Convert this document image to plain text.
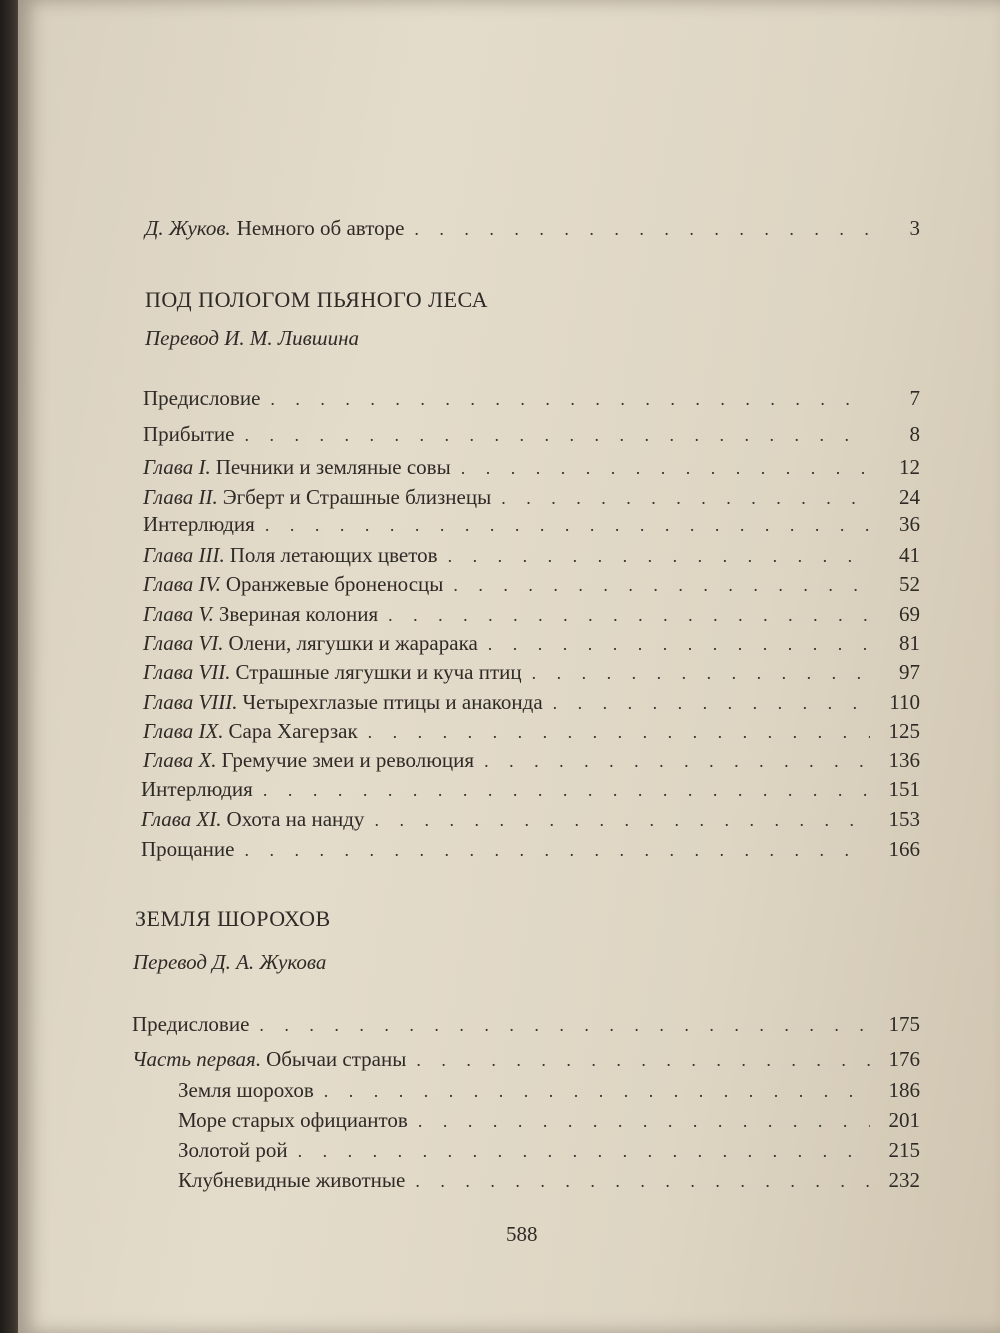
Д. Жуков. Немного об авторе . . .	3
ПОД ПОЛОГОМ ПЬЯНОГО ЛЕСА
Перевод И. М. Лившина
Предисловие . . .	7
Прибытие . . .	8
Глава I. Печники и земляные совы . . .	12
Глава II. Эгберт и Страшные близнецы . . .	24
Интерлюдия . . .	36
Глава III. Поля летающих цветов . . .	41
Глава IV. Оранжевые броненосцы . . .	52
Глава V. Звериная колония . . .	69
Глава VI. Олени, лягушки и жарарака . . .	81
Глава VII. Страшные лягушки и куча птиц . . .	97
Глава VIII. Четырехглазые птицы и анаконда . . .	110
Глава IX. Сара Хагерзак . . .	125
Глава X. Гремучие змеи и революция . . .	136
Интерлюдия . . .	151
Глава XI. Охота на нанду . . .	153
Прощание . . .	166
ЗЕМЛЯ ШОРОХОВ
Перевод Д. А. Жукова
Предисловие . . .	175
Часть первая. Обычаи страны . . .	176
Земля шорохов . . .	186
Море старых официантов . . .	201
Золотой рой . . .	215
Клубневидные животные . . .	232
588
